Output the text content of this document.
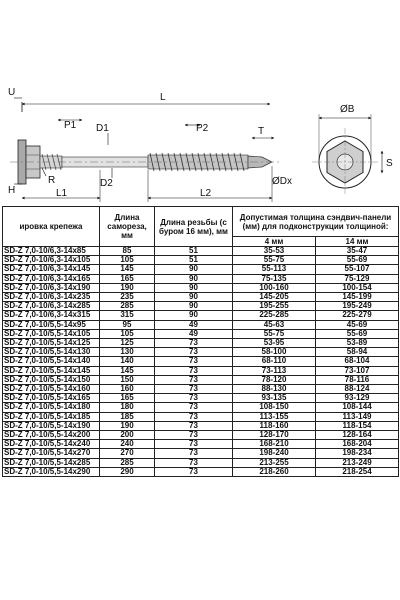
L
U
P1 D1	P2	T
R	D2	ØDx
H	L1	L2
ØB
S
ировка крепежа	Длина самореза, мм	Длина резьбы (с буром 16 мм), мм	Допустимая толщина сэндвич-панели (мм) для подконструкции толщиной:	
			4 мм	14 мм
SD-Z 7,0-10/6,3-14x85	85	51	35-53	35-47
SD-Z 7,0-10/6,3-14x105	105	51	55-75	55-69
SD-Z 7,0-10/6,3-14x145	145	90	55-113	55-107
SD-Z 7,0-10/6,3-14x165	165	90	75-135	75-129
SD-Z 7,0-10/6,3-14x190	190	90	100-160	100-154
SD-Z 7,0-10/6,3-14x235	235	90	145-205	145-199
SD-Z 7,0-10/6,3-14x285	285	90	195-255	195-249
SD-Z 7,0-10/6,3-14x315	315	90	225-285	225-279
SD-Z 7,0-10/5,5-14x95	95	49	45-63	45-69
SD-Z 7,0-10/5,5-14x105	105	49	55-75	55-69
SD-Z 7,0-10/5,5-14x125	125	73	53-95	53-89
SD-Z 7,0-10/5,5-14x130	130	73	58-100	58-94
SD-Z 7,0-10/5,5-14x140	140	73	68-110	68-104
SD-Z 7,0-10/5,5-14x145	145	73	73-113	73-107
SD-Z 7,0-10/5,5-14x150	150	73	78-120	78-116
SD-Z 7,0-10/5,5-14x160	160	73	88-130	88-124
SD-Z 7,0-10/5,5-14x165	165	73	93-135	93-129
SD-Z 7,0-10/5,5-14x180	180	73	108-150	108-144
SD-Z 7,0-10/5,5-14x185	185	73	113-155	113-149
SD-Z 7,0-10/5,5-14x190	190	73	118-160	118-154
SD-Z 7,0-10/5,5-14x200	200	73	128-170	128-164
SD-Z 7,0-10/5,5-14x240	240	73	168-210	168-204
SD-Z 7,0-10/5,5-14x270	270	73	198-240	198-234
SD-Z 7,0-10/5,5-14x285	285	73	213-255	213-249
SD-Z 7,0-10/5,5-14x290	290	73	218-260	218-254
